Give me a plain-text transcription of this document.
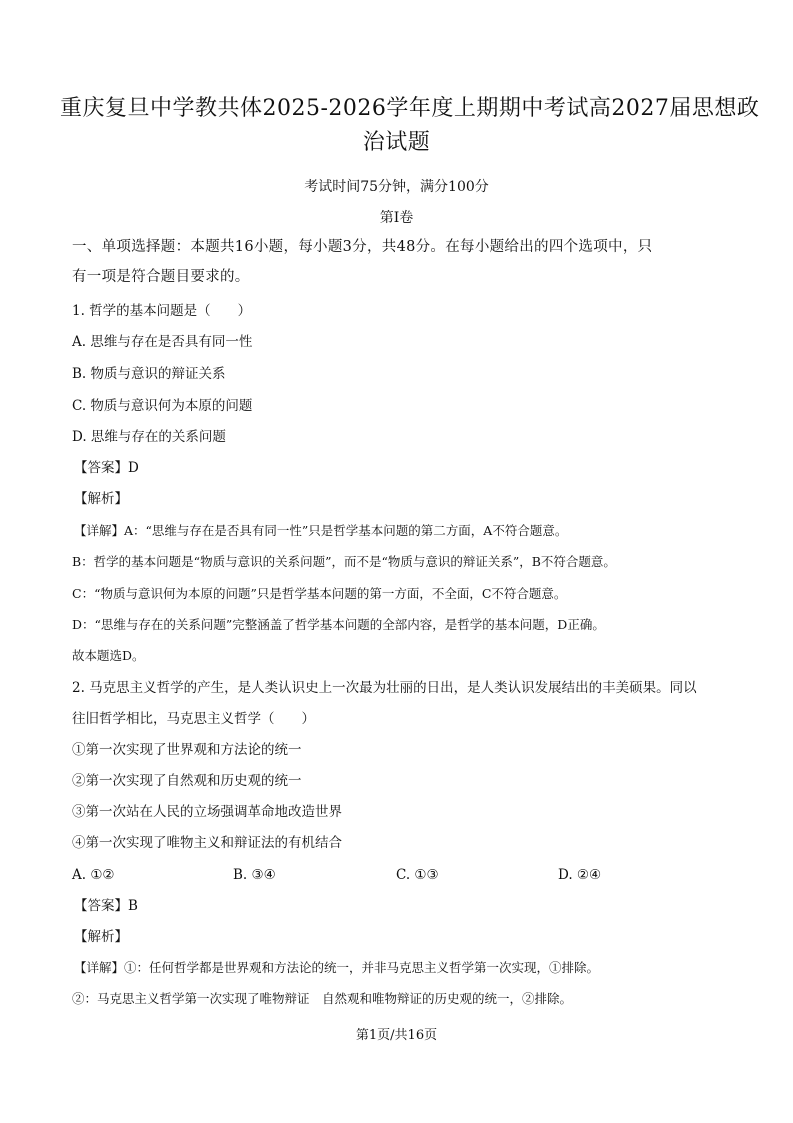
重庆复旦中学教共体2025-2026学年度上期期中考试高2027届思想政
治试题
考试时间75分钟，满分100分
第Ⅰ卷
一、单项选择题：本题共16小题，每小题3分，共48分。在每小题给出的四个选项中，只
有一项是符合题目要求的。
1. 哲学的基本问题是（　　）
A. 思维与存在是否具有同一性
B. 物质与意识的辩证关系
C. 物质与意识何为本原的问题
D. 思维与存在的关系问题
【答案】D
【解析】
【详解】A：“思维与存在是否具有同一性”只是哲学基本问题的第二方面，A不符合题意。
B：哲学的基本问题是“物质与意识的关系问题”，而不是“物质与意识的辩证关系”，B不符合题意。
C：“物质与意识何为本原的问题”只是哲学基本问题的第一方面，不全面，C不符合题意。
D：“思维与存在的关系问题”完整涵盖了哲学基本问题的全部内容，是哲学的基本问题，D正确。
故本题选D。
2. 马克思主义哲学的产生，是人类认识史上一次最为壮丽的日出，是人类认识发展结出的丰美硕果。同以
往旧哲学相比，马克思主义哲学（　　）
①第一次实现了世界观和方法论的统一
②第一次实现了自然观和历史观的统一
③第一次站在人民的立场强调革命地改造世界
④第一次实现了唯物主义和辩证法的有机结合
A. ①②	B. ③④	C. ①③	D. ②④
【答案】B
【解析】
【详解】①：任何哲学都是世界观和方法论的统一，并非马克思主义哲学第一次实现，①排除。
②：马克思主义哲学第一次实现了唯物辩证　自然观和唯物辩证的历史观的统一，②排除。
第1页/共16页
